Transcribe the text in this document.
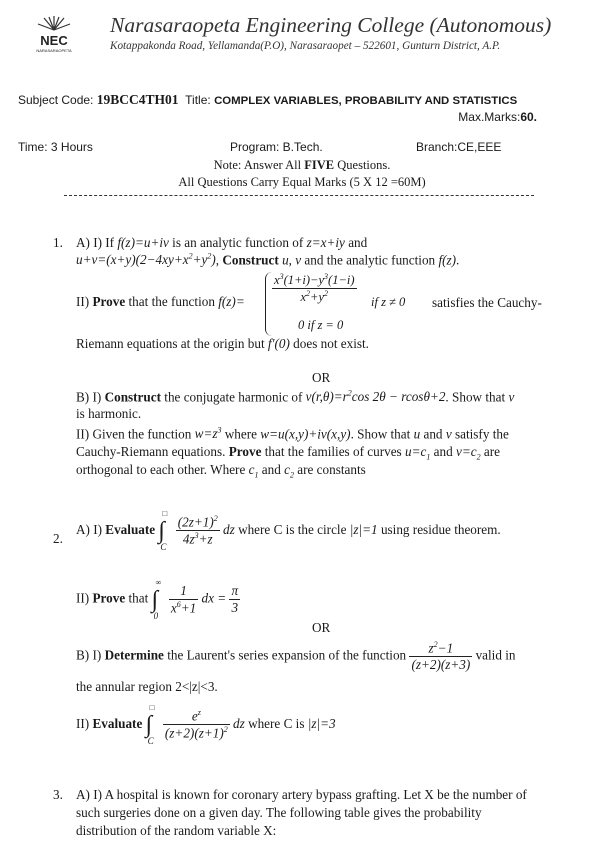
NEC
NARASARAOPETA
Narasaraopeta Engineering College (Autonomous)
Kotappakonda Road, Yellamanda(P.O), Narasaraopet – 522601, Gunturn District, A.P.
Subject Code: 19BCC4TH01 Title: COMPLEX VARIABLES, PROBABILITY AND STATISTICS
Max.Marks:60.
Time: 3 Hours	Program: B.Tech.	Branch:CE,EEE
Note: Answer All FIVE Questions.
All Questions Carry Equal Marks (5 X 12 =60M)
1. A) I) If f(z)=u+iv is an analytic function of z=x+iy and
$u+v=(x+y)(2-4xy+x^2+y^2)$, Construct u, v and the analytic function f(z).
II) Prove that the function $f(z)= \frac{x^3(1+i)-y^3(1-i)}{x^2+y^2}$ if z ≠ 0 satisfies the Cauchy-
0 if z = 0
Riemann equations at the origin but f′(0) does not exist.
OR
B) I) Construct the conjugate harmonic of $v(r,\theta)=r^2\cos$ 2θ − rcosθ+2. Show that v
is harmonic.
II) Given the function $w=z^3$ where w=u(x,y)+iv(x,y). Show that u and v satisfy the
Cauchy-Riemann equations. Prove that the families of curves $u=c_1$ and $v=c_2$ are
orthogonal to each other. Where $c_1$ and $c_2$ are constants
2.
A) I) Evaluate
□
∫
C
$\frac{(2z+1)^2}{4z^3+z}$ dz where C is the circle |z|=1 using residue theorem.
II) Prove that
∞
∫
0
$\frac{1}{x^6+1}$ dx = $\frac{\pi}{3}$
OR
B) I) Determine the Laurent's series expansion of the function $\frac{z^2-1}{(z+2)(z+3)}$ valid in
the annular region 2<|z|<3.
II) Evaluate
□
∫
C
$\frac{e^z}{(z+2)(z+1)^2}$ dz where C is |z|=3
3. A) I) A hospital is known for coronary artery bypass grafting. Let X be the number of
such surgeries done on a given day. The following table gives the probability
distribution of the random variable X:
